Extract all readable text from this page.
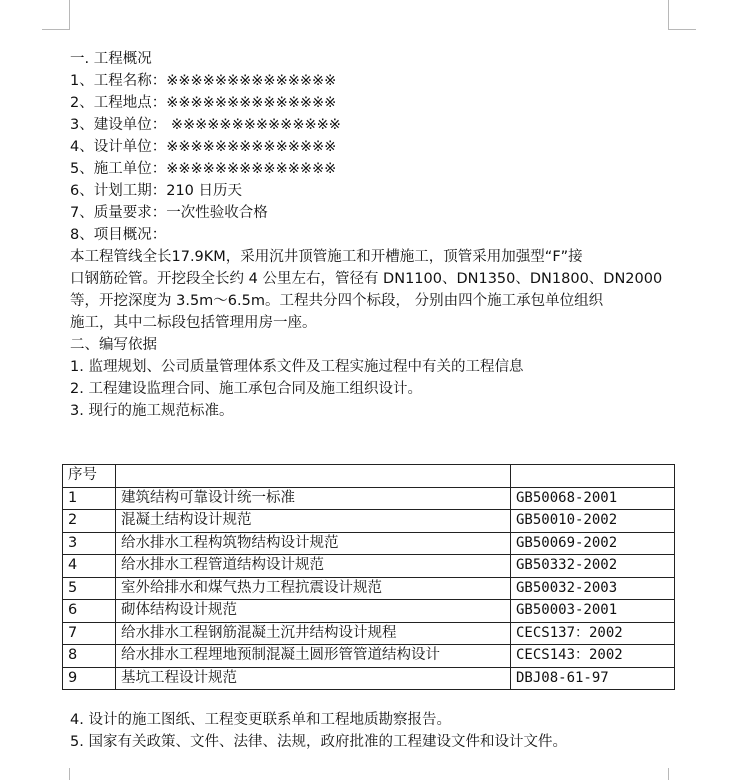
一. 工程概况
1、工程名称：※※※※※※※※※※※※※※
2、工程地点：※※※※※※※※※※※※※※
3、建设单位： ※※※※※※※※※※※※※※
4、设计单位：※※※※※※※※※※※※※※
5、施工单位：※※※※※※※※※※※※※※
6、计划工期：210 日历天
7、质量要求：一次性验收合格
8、项目概况：
本工程管线全长17.9KM，采用沉井顶管施工和开槽施工，顶管采用加强型“F”接
口钢筋砼管。开挖段全长约 4 公里左右，管径有 DN1100、DN1350、DN1800、DN2000
等，开挖深度为 3.5m～6.5m。工程共分四个标段， 分别由四个施工承包单位组织
施工，其中二标段包括管理用房一座。
二、编写依据
1. 监理规划、公司质量管理体系文件及工程实施过程中有关的工程信息
2. 工程建设监理合同、施工承包合同及施工组织设计。
3. 现行的施工规范标准。
序号		
1	建筑结构可靠设计统一标准	GB50068-2001
2	混凝土结构设计规范	GB50010-2002
3	给水排水工程构筑物结构设计规范	GB50069-2002
4	给水排水工程管道结构设计规范	GB50332-2002
5	室外给排水和煤气热力工程抗震设计规范	GB50032-2003
6	砌体结构设计规范	GB50003-2001
7	给水排水工程钢筋混凝土沉井结构设计规程	CECS137：2002
8	给水排水工程埋地预制混凝土圆形管管道结构设计	CECS143：2002
9	基坑工程设计规范	DBJ08-61-97
4. 设计的施工图纸、工程变更联系单和工程地质勘察报告。
5. 国家有关政策、文件、法律、法规，政府批准的工程建设文件和设计文件。
